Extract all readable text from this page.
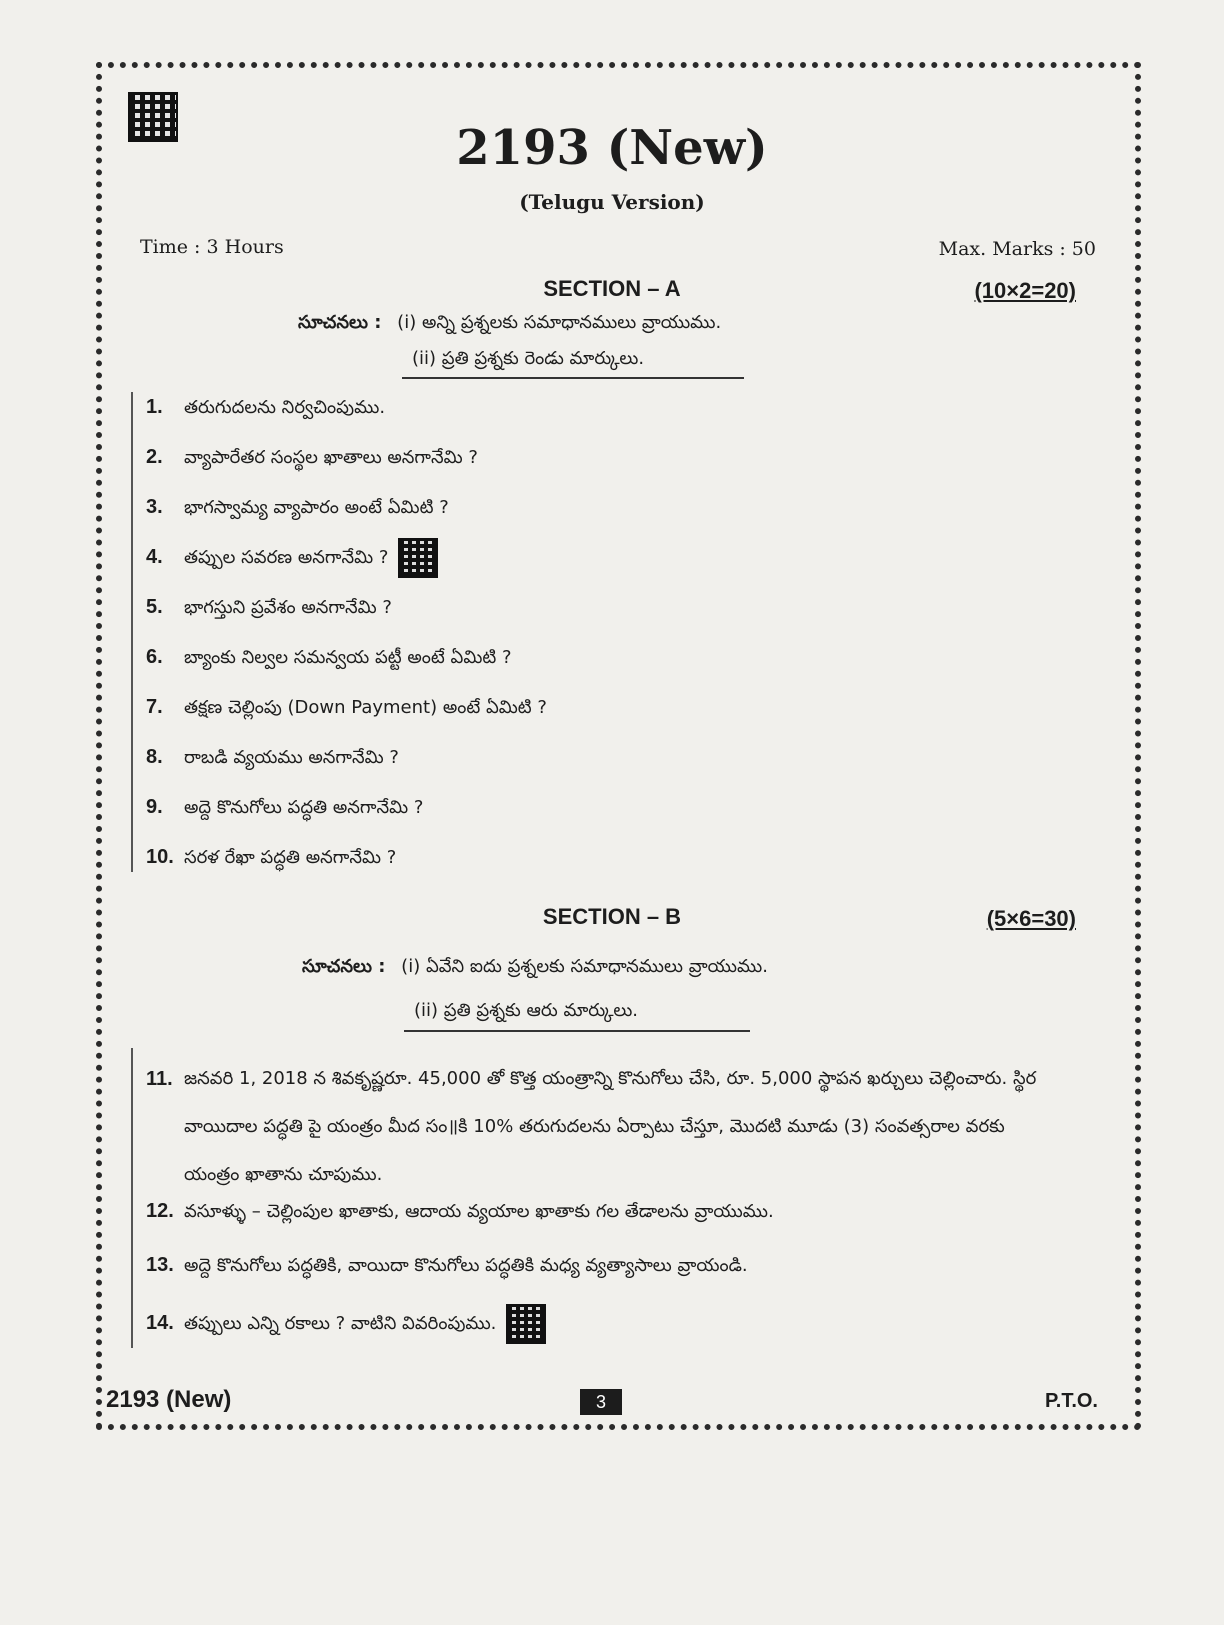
2193 (New)
(Telugu Version)
Time : 3 Hours	Max. Marks : 50
SECTION – A	(10×2=20)
సూచనలు : (i) అన్ని ప్రశ్నలకు సమాధానములు వ్రాయుము.
(ii) ప్రతి ప్రశ్నకు రెండు మార్కులు.
1. తరుగుదలను నిర్వచింపుము.
2. వ్యాపారేతర సంస్థల ఖాతాలు అనగానేమి ?
3. భాగస్వామ్య వ్యాపారం అంటే ఏమిటి ?
4. తప్పుల సవరణ అనగానేమి ?
5. భాగస్తుని ప్రవేశం అనగానేమి ?
6. బ్యాంకు నిల్వల సమన్వయ పట్టీ అంటే ఏమిటి ?
7. తక్షణ చెల్లింపు (Down Payment) అంటే ఏమిటి ?
8. రాబడి వ్యయము అనగానేమి ?
9. అద్దె కొనుగోలు పద్ధతి అనగానేమి ?
10. సరళ రేఖా పద్ధతి అనగానేమి ?
SECTION – B	(5×6=30)
సూచనలు : (i) ఏవేని ఐదు ప్రశ్నలకు సమాధానములు వ్రాయుము.
(ii) ప్రతి ప్రశ్నకు ఆరు మార్కులు.
11. జనవరి 1, 2018 న శివకృష్ణరూ. 45,000 తో కొత్త యంత్రాన్ని కొనుగోలు చేసి, రూ. 5,000 స్థాపన ఖర్చులు చెల్లించారు. స్థిర వాయిదాల పద్ధతి పై యంత్రం మీద సం॥కి 10% తరుగుదలను ఏర్పాటు చేస్తూ, మొదటి మూడు (3) సంవత్సరాల వరకు యంత్రం ఖాతాను చూపుము.
12. వసూళ్ళు – చెల్లింపుల ఖాతాకు, ఆదాయ వ్యయాల ఖాతాకు గల తేడాలను వ్రాయుము.
13. అద్దె కొనుగోలు పద్ధతికి, వాయిదా కొనుగోలు పద్ధతికి మధ్య వ్యత్యాసాలు వ్రాయండి.
14. తప్పులు ఎన్ని రకాలు ? వాటిని వివరింపుము.
2193 (New)	3	P.T.O.
